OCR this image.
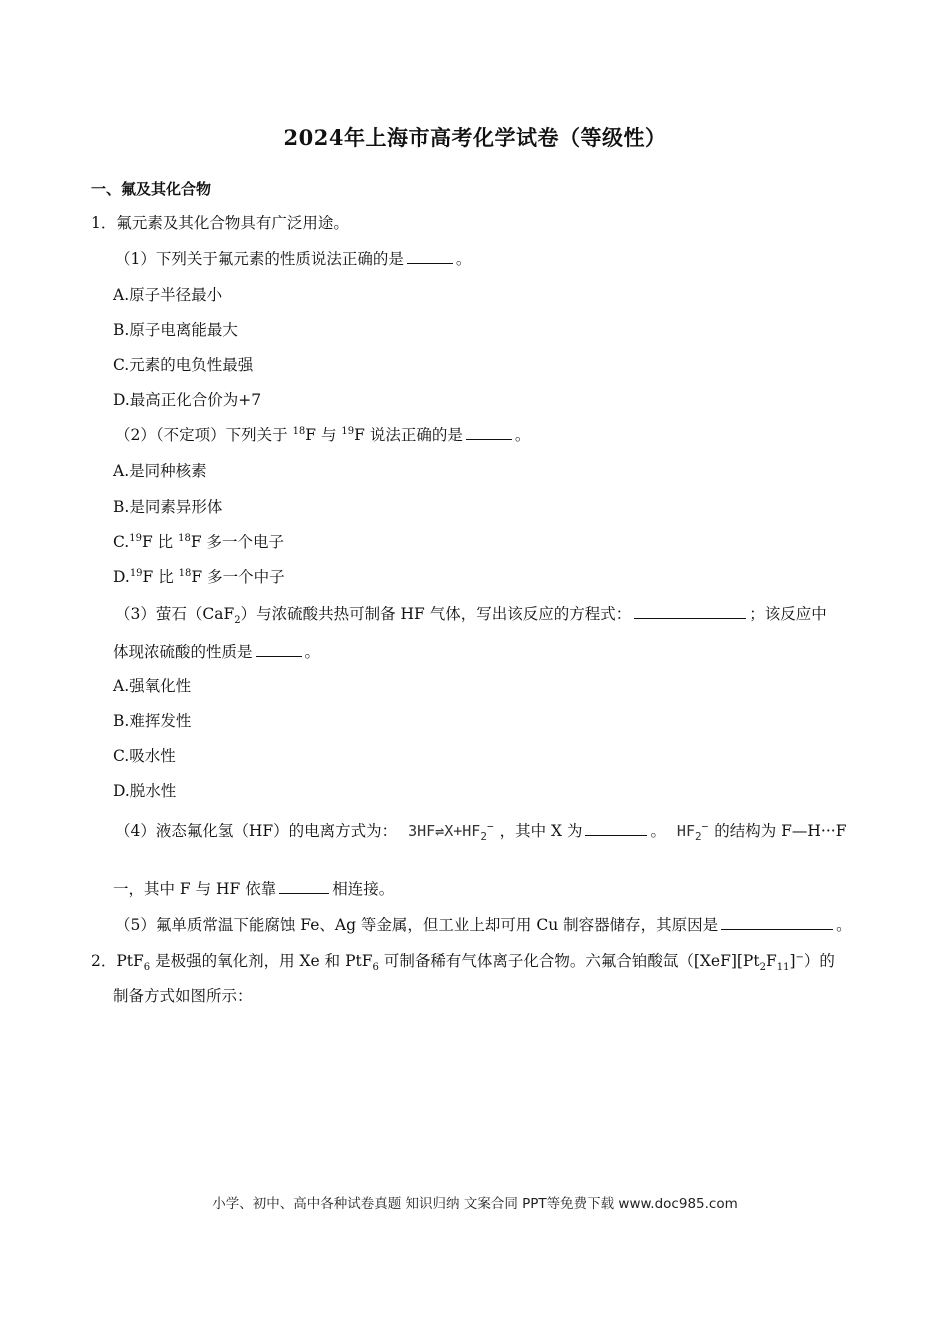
2024年上海市高考化学试卷（等级性）
一、氟及其化合物
1．氟元素及其化合物具有广泛用途。
（1）下列关于氟元素的性质说法正确的是	。
A.原子半径最小
B.原子电离能最大
C.元素的电负性最强
D.最高正化合价为+7
（2）（不定项）下列关于 $^{18}$F 与 $^{19}$F 说法正确的是	。
A.是同种核素
B.是同素异形体
C.$^{19}$F 比 $^{18}$F 多一个电子
D.$^{19}$F 比 $^{18}$F 多一个中子
（3）萤石（CaF$_2$）与浓硫酸共热可制备 HF 气体，写出该反应的方程式：	；该反应中
体现浓硫酸的性质是	。
A.强氧化性
B.难挥发性
C.吸水性
D.脱水性
（4）液态氟化氢（HF）的电离方式为： $3HF\rightleftharpoons X+HF_2^-$ ，其中 X 为	。 $HF_2^-$ 的结构为 F—H···F
一，其中 F 与 HF 依靠	相连接。
（5）氟单质常温下能腐蚀 Fe、Ag 等金属，但工业上却可用 Cu 制容器储存，其原因是	。
2．PtF$_6$ 是极强的氧化剂，用 Xe 和 PtF$_6$ 可制备稀有气体离子化合物。六氟合铂酸氙$([XeF][Pt_2F_{11}]^-)$的
制备方式如图所示：
小学、初中、高中各种试卷真题 知识归纳 文案合同 PPT等免费下载 www.doc985.com
